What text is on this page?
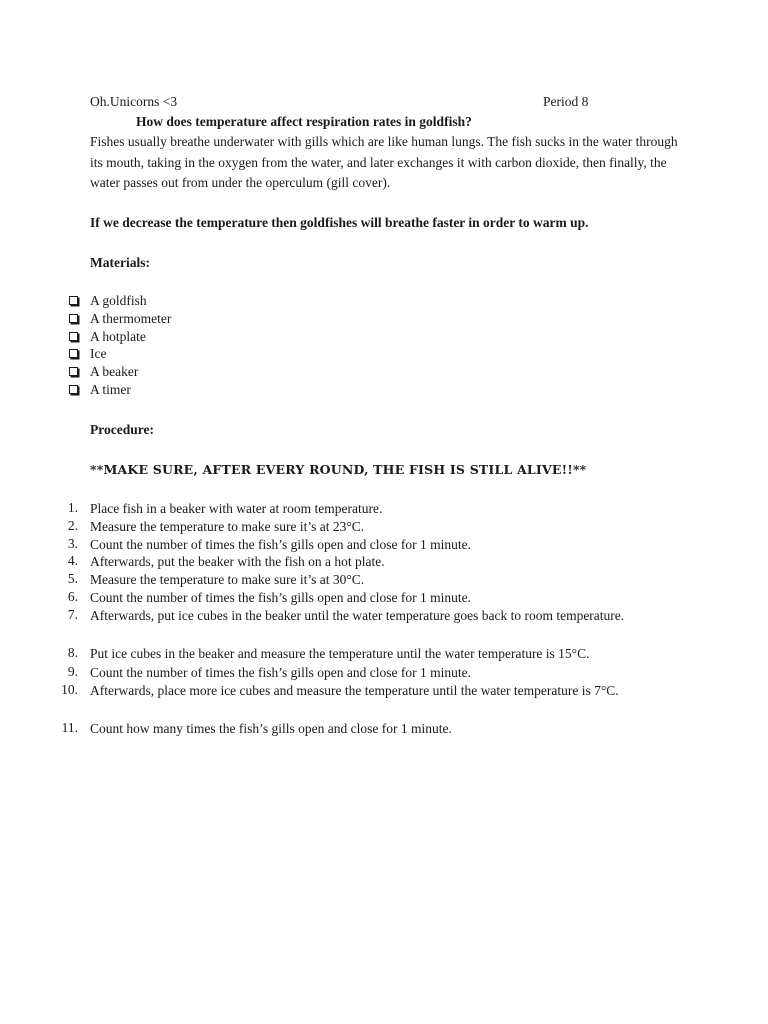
Oh.Unicorns <3	Period 8
How does temperature affect respiration rates in goldfish?
Fishes usually breathe underwater with gills which are like human lungs. The fish sucks in the water through its mouth, taking in the oxygen from the water, and later exchanges it with carbon dioxide, then finally, the water passes out from under the operculum (gill cover).
If we decrease the temperature then goldfishes will breathe faster in order to warm up.
Materials:
A goldfish
A thermometer
A hotplate
Ice
A beaker
A timer
Procedure:
**MAKE SURE, AFTER EVERY ROUND, THE FISH IS STILL ALIVE!!**
1. Place fish in a beaker with water at room temperature.
2. Measure the temperature to make sure it’s at 23°C.
3. Count the number of times the fish’s gills open and close for 1 minute.
4. Afterwards, put the beaker with the fish on a hot plate.
5. Measure the temperature to make sure it’s at 30°C.
6. Count the number of times the fish’s gills open and close for 1 minute.
7. Afterwards, put ice cubes in the beaker until the water temperature goes back to room temperature.
8. Put ice cubes in the beaker and measure the temperature until the water temperature is 15°C.
9. Count the number of times the fish’s gills open and close for 1 minute.
10. Afterwards, place more ice cubes and measure the temperature until the water temperature is 7°C.
11. Count how many times the fish’s gills open and close for 1 minute.
